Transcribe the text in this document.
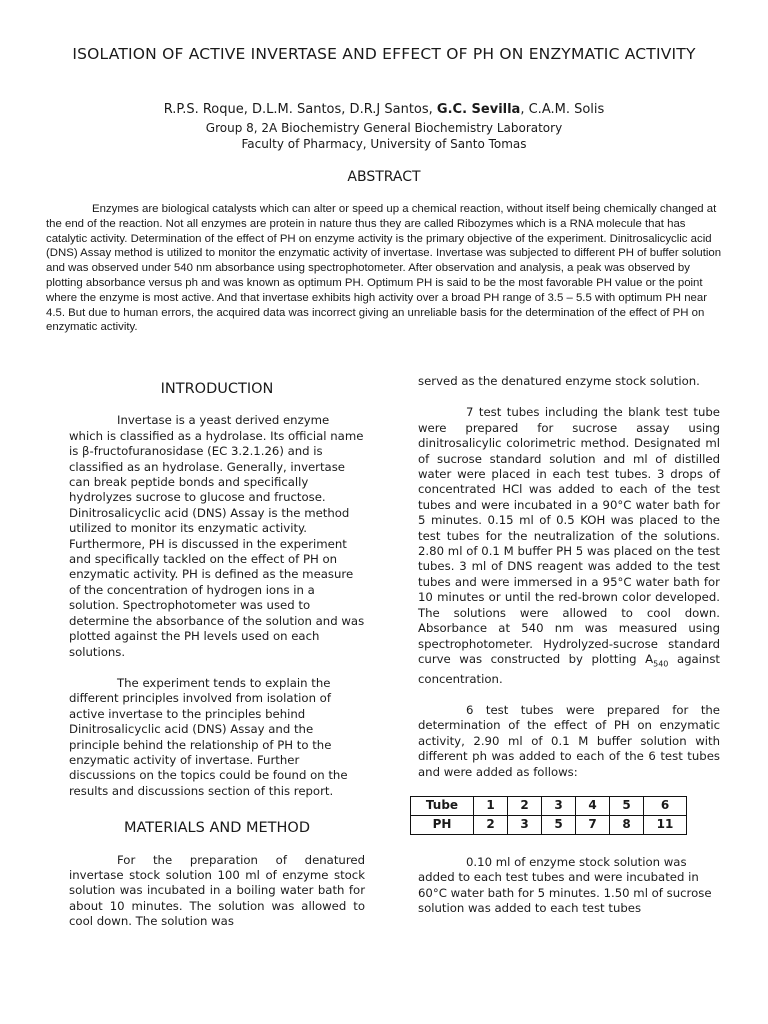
ISOLATION OF ACTIVE INVERTASE AND EFFECT OF PH ON ENZYMATIC ACTIVITY
R.P.S. Roque, D.L.M. Santos, D.R.J Santos, G.C. Sevilla, C.A.M. Solis
Group 8, 2A Biochemistry General Biochemistry Laboratory
Faculty of Pharmacy, University of Santo Tomas
ABSTRACT

Enzymes are biological catalysts which can alter or speed up a chemical reaction, without itself being chemically changed at the end of the reaction. Not all enzymes are protein in nature thus they are called Ribozymes which is a RNA molecule that has catalytic activity. Determination of the effect of PH on enzyme activity is the primary objective of the experiment. Dinitrosalicyclic acid (DNS) Assay method is utilized to monitor the enzymatic activity of invertase. Invertase was subjected to different PH of buffer solution and was observed under 540 nm absorbance using spectrophotometer. After observation and analysis, a peak was observed by plotting absorbance versus ph and was known as optimum PH. Optimum PH is said to be the most favorable PH value or the point where the enzyme is most active. And that invertase exhibits high activity over a broad PH range of 3.5 – 5.5 with optimum PH near 4.5. But due to human errors, the acquired data was incorrect giving an unreliable basis for the determination of the effect of PH on enzymatic activity.

INTRODUCTION

Invertase is a yeast derived enzyme which is classified as a hydrolase. Its official name is β-fructofuranosidase (EC 3.2.1.26) and is classified as an hydrolase. Generally, invertase can break peptide bonds and specifically hydrolyzes sucrose to glucose and fructose. Dinitrosalicyclic acid (DNS) Assay is the method utilized to monitor its enzymatic activity. Furthermore, PH is discussed in the experiment and specifically tackled on the effect of PH on enzymatic activity. PH is defined as the measure of the concentration of hydrogen ions in a solution. Spectrophotometer was used to determine the absorbance of the solution and was plotted against the PH levels used on each solutions.

The experiment tends to explain the different principles involved from isolation of active invertase to the principles behind Dinitrosalicyclic acid (DNS) Assay and the principle behind the relationship of PH to the enzymatic activity of invertase. Further discussions on the topics could be found on the results and discussions section of this report.

MATERIALS AND METHOD

For the preparation of denatured invertase stock solution 100 ml of enzyme stock solution was incubated in a boiling water bath for about 10 minutes. The solution was allowed to cool down. The solution was

served as the denatured enzyme stock solution.

7 test tubes including the blank test tube were prepared for sucrose assay using dinitrosalicylic colorimetric method. Designated ml of sucrose standard solution and ml of distilled water were placed in each test tubes. 3 drops of concentrated HCl was added to each of the test tubes and were incubated in a 90°C water bath for 5 minutes. 0.15 ml of 0.5 KOH was placed to the test tubes for the neutralization of the solutions. 2.80 ml of 0.1 M buffer PH 5 was placed on the test tubes. 3 ml of DNS reagent was added to the test tubes and were immersed in a 95°C water bath for 10 minutes or until the red-brown color developed. The solutions were allowed to cool down. Absorbance at 540 nm was measured using spectrophotometer. Hydrolyzed-sucrose standard curve was constructed by plotting $A_{540}$ against concentration.

6 test tubes were prepared for the determination of the effect of PH on enzymatic activity, 2.90 ml of 0.1 M buffer solution with different ph was added to each of the 6 test tubes and were added as follows:

Tube	1	2	3	4	5	6
PH	2	3	5	7	8	11

0.10 ml of enzyme stock solution was added to each test tubes and were incubated in 60°C water bath for 5 minutes. 1.50 ml of sucrose solution was added to each test tubes
